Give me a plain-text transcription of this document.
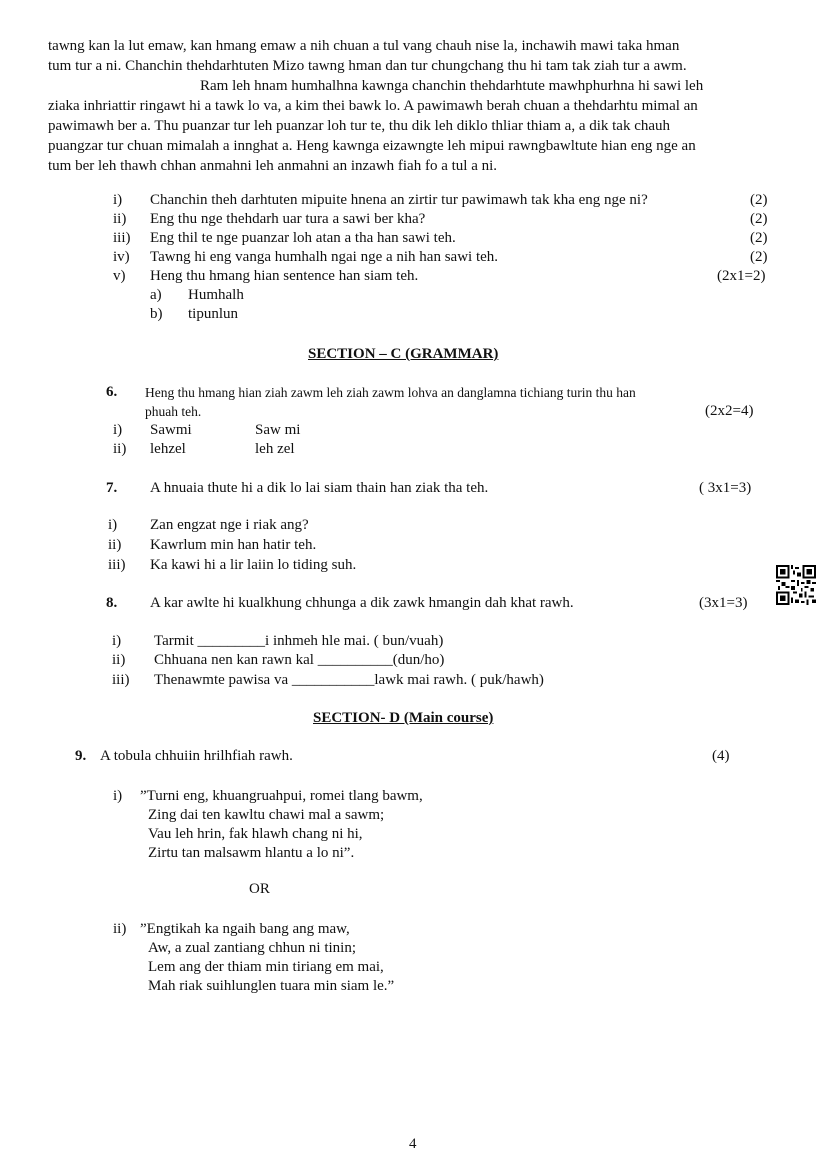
tawng kan la lut emaw, kan hmang emaw a nih chuan a tul vang chauh nise la, inchawih mawi taka hman
tum tur a ni. Chanchin thehdarhtuten Mizo tawng hman dan tur chungchang thu hi tam tak ziah tur a awm.
Ram leh hnam humhalhna kawnga chanchin thehdarhtute mawhphurhna hi sawi leh
ziaka inhriattir ringawt hi a tawk lo va, a kim thei bawk lo. A pawimawh berah chuan a thehdarhtu mimal an
pawimawh ber a. Thu puanzar tur leh puanzar loh tur te, thu dik leh diklo thliar thiam a, a dik tak chauh
puangzar tur chuan mimalah a innghat a. Heng kawnga eizawngte leh mipui rawngbawltute hian eng nge an
tum ber leh thawh chhan anmahni leh anmahni an inzawh fiah fo a tul a ni.
i) Chanchin theh darhtuten mipuite hnena an zirtir tur pawimawh tak kha eng nge ni?	(2)
ii) Eng thu nge thehdarh uar tura a sawi ber kha?	(2)
iii) Eng thil te nge puanzar loh atan a tha han sawi teh.	(2)
iv) Tawng hi eng vanga humhalh ngai nge a nih han sawi teh.	(2)
v) Heng thu hmang hian sentence han siam teh.	(2x1=2)
a) Humhalh
b) tipunlun
SECTION – C (GRAMMAR)
6. Heng thu hmang hian ziah zawm leh ziah zawm lohva an danglamna tichiang turin thu han
phuah teh.	(2x2=4)
i) Sawmi	Saw mi
ii) lehzel	leh zel
7. A hnuaia thute hi a dik lo lai siam thain han ziak tha teh.	( 3x1=3)
i) Zan engzat nge i riak ang?
ii) Kawrlum min han hatir teh.
iii) Ka kawi hi a lir laiin lo tiding suh.
8. A kar awlte hi kualkhung chhunga a dik zawk hmangin dah khat rawh.	(3x1=3)
i) Tarmit _________i inhmeh hle mai. ( bun/vuah)
ii) Chhuana nen kan rawn kal __________(dun/ho)
iii) Thenawmte pawisa va ___________lawk mai rawh. ( puk/hawh)
SECTION- D (Main course)
9. A tobula chhuiin hrilhfiah rawh.	(4)
i) ”Turni eng, khuangruahpui, romei tlang bawm,
Zing dai ten kawltu chawi mal a sawm;
Vau leh hrin, fak hlawh chang ni hi,
Zirtu tan malsawm hlantu a lo ni”.
OR
ii) ”Engtikah ka ngaih bang ang maw,
Aw, a zual zantiang chhun ni tinin;
Lem ang der thiam min tiriang em mai,
Mah riak suihlunglen tuara min siam le.”
4
